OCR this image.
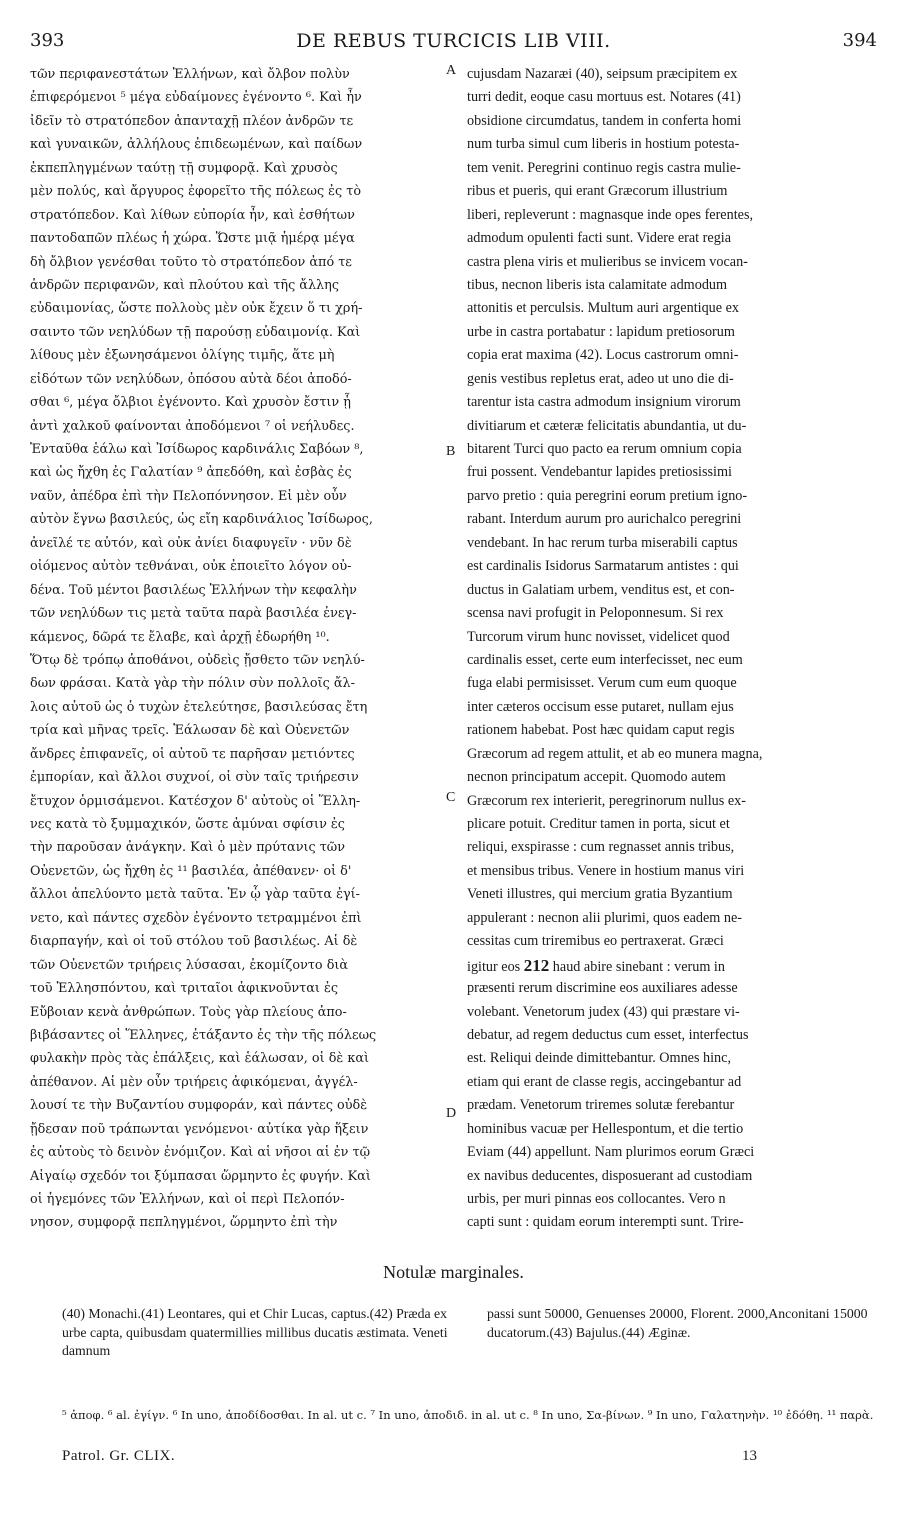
393	DE REBUS TURCICIS LIB VIII.	394
τῶν περιφανεστάτων Ἑλλήνων, καὶ ὄλβον πολὺν
ἐπιφερόμενοι ⁵ μέγα εὐδαίμονες ἐγένοντο ⁶. Καὶ ἦν
ἰδεῖν τὸ στρατόπεδον ἁπανταχῇ πλέον ἀνδρῶν τε
καὶ γυναικῶν, ἀλλήλους ἐπιδεωμένων, καὶ παίδων
ἐκπεπληγμένων ταύτῃ τῇ συμφορᾷ. Καὶ χρυσὸς
μὲν πολύς, καὶ ἄργυρος ἐφορεῖτο τῆς πόλεως ἐς τὸ
στρατόπεδον. Καὶ λίθων εὐπορία ἦν, καὶ ἐσθήτων
παντοδαπῶν πλέως ἡ χώρα. Ὥστε μιᾷ ἡμέρᾳ μέγα
δὴ ὄλβιον γενέσθαι τοῦτο τὸ στρατόπεδον ἀπό τε
ἀνδρῶν περιφανῶν, καὶ πλούτου καὶ τῆς ἄλλης
εὐδαιμονίας, ὥστε πολλοὺς μὲν οὐκ ἔχειν ὅ τι χρή-
σαιντο τῶν νεηλύδων τῇ παρούσῃ εὐδαιμονίᾳ. Καὶ
λίθους μὲν ἐξωνησάμενοι ὀλίγης τιμῆς, ἅτε μὴ
εἰδότων τῶν νεηλύδων, ὁπόσου αὐτὰ δέοι ἀποδό-
σθαι ⁶, μέγα ὄλβιοι ἐγένοντο. Καὶ χρυσὸν ἔστιν ᾗ
ἀντὶ χαλκοῦ φαίνονται ἀποδόμενοι ⁷ οἱ νεήλυδες.
Ἐνταῦθα ἑάλω καὶ Ἰσίδωρος καρδινάλις Σαβόων ⁸,
καὶ ὡς ἤχθη ἐς Γαλατίαν ⁹ ἀπεδόθη, καὶ ἐσβὰς ἐς
ναῦν, ἀπέδρα ἐπὶ τὴν Πελοπόννησον. Εἰ μὲν οὖν
αὐτὸν ἔγνω βασιλεύς, ὡς εἴη καρδινάλιος Ἰσίδωρος,
ἀνεῖλέ τε αὐτόν, καὶ οὐκ ἀνίει διαφυγεῖν · νῦν δὲ
οἰόμενος αὐτὸν τεθνάναι, οὐκ ἐποιεῖτο λόγον οὐ-
δένα. Τοῦ μέντοι βασιλέως Ἑλλήνων τὴν κεφαλὴν
τῶν νεηλύδων τις μετὰ ταῦτα παρὰ βασιλέα ἐνεγ-
κάμενος, δῶρά τε ἔλαβε, καὶ ἀρχῇ ἐδωρήθη ¹⁰.
Ὅτῳ δὲ τρόπῳ ἀποθάνοι, οὐδεὶς ᾔσθετο τῶν νεηλύ-
δων φράσαι. Κατὰ γὰρ τὴν πόλιν σὺν πολλοῖς ἄλ-
λοις αὐτοῦ ὡς ὁ τυχὼν ἐτελεύτησε, βασιλεύσας ἔτη
τρία καὶ μῆνας τρεῖς. Ἑάλωσαν δὲ καὶ Οὐενετῶν
ἄνδρες ἐπιφανεῖς, οἱ αὐτοῦ τε παρῆσαν μετιόντες
ἐμπορίαν, καὶ ἄλλοι συχνοί, οἱ σὺν ταῖς τριήρεσιν
ἔτυχον ὁρμισάμενοι. Κατέσχον δ' αὐτοὺς οἱ Ἕλλη-
νες κατὰ τὸ ξυμμαχικόν, ὥστε ἀμύναι σφίσιν ἐς
τὴν παροῦσαν ἀνάγκην. Καὶ ὁ μὲν πρύτανις τῶν
Οὐενετῶν, ὡς ἤχθη ἐς ¹¹ βασιλέα, ἀπέθανεν· οἱ δ'
ἄλλοι ἀπελύοντο μετὰ ταῦτα. Ἐν ᾧ γὰρ ταῦτα ἐγί-
νετο, καὶ πάντες σχεδὸν ἐγένοντο τετραμμένοι ἐπὶ
διαρπαγήν, καὶ οἱ τοῦ στόλου τοῦ βασιλέως. Αἱ δὲ
τῶν Οὐενετῶν τριήρεις λύσασαι, ἐκομίζοντο διὰ
τοῦ Ἑλλησπόντου, καὶ τριταῖοι ἀφικνοῦνται ἐς
Εὔβοιαν κενὰ ἀνθρώπων. Τοὺς γὰρ πλείους ἀπο-
βιβάσαντες οἱ Ἕλληνες, ἐτάξαντο ἐς τὴν τῆς πόλεως
φυλακὴν πρὸς τὰς ἐπάλξεις, καὶ ἑάλωσαν, οἱ δὲ καὶ
ἀπέθανον. Αἱ μὲν οὖν τριήρεις ἀφικόμεναι, ἀγγέλ-
λουσί τε τὴν Βυζαντίου συμφοράν, καὶ πάντες οὐδὲ
ᾔδεσαν ποῦ τράπωνται γενόμενοι· αὐτίκα γὰρ ἥξειν
ἐς αὐτοὺς τὸ δεινὸν ἐνόμιζον. Καὶ αἱ νῆσοι αἱ ἐν τῷ
Αἰγαίῳ σχεδόν τοι ξύμπασαι ὥρμηντο ἐς φυγήν. Καὶ
οἱ ἡγεμόνες τῶν Ἑλλήνων, καὶ οἱ περὶ Πελοπόν-
νησον, συμφορᾷ πεπληγμένοι, ὥρμηντο ἐπὶ τὴν
cujusdam Nazaræi (40), seipsum præcipitem ex
turri dedit, eoque casu mortuus est. Notares (41)
obsidione circumdatus, tandem in conferta homi
num turba simul cum liberis in hostium potesta-
tem venit. Peregrini continuo regis castra mulie-
ribus et pueris, qui erant Græcorum illustrium
liberi, repleverunt : magnasque inde opes ferentes,
admodum opulenti facti sunt. Videre erat regia
castra plena viris et mulieribus se invicem vocan-
tibus, necnon liberis ista calamitate admodum
attonitis et perculsis. Multum auri argentique ex
urbe in castra portabatur : lapidum pretiosorum
copia erat maxima (42). Locus castrorum omni-
genis vestibus repletus erat, adeo ut uno die di-
tarentur ista castra admodum insignium virorum
divitiarum et cæteræ felicitatis abundantia, ut du-
bitarent Turci quo pacto ea rerum omnium copia
frui possent. Vendebantur lapides pretiosissimi
parvo pretio : quia peregrini eorum pretium igno-
rabant. Interdum aurum pro aurichalco peregrini
vendebant. In hac rerum turba miserabili captus
est cardinalis Isidorus Sarmatarum antistes : qui
ductus in Galatiam urbem, venditus est, et con-
scensa navi profugit in Peloponnesum. Si rex
Turcorum virum hunc novisset, videlicet quod
cardinalis esset, certe eum interfecisset, nec eum
fuga elabi permisisset. Verum cum eum quoque
inter cæteros occisum esse putaret, nullam ejus
rationem habebat. Post hæc quidam caput regis
Græcorum ad regem attulit, et ab eo munera magna,
necnon principatum accepit. Quomodo autem
Græcorum rex interierit, peregrinorum nullus ex-
plicare potuit. Creditur tamen in porta, sicut et
reliqui, exspirasse : cum regnasset annis tribus,
et mensibus tribus. Venere in hostium manus viri
Veneti illustres, qui mercium gratia Byzantium
appulerant : necnon alii plurimi, quos eadem ne-
cessitas cum triremibus eo pertraxerat. Græci
igitur eos 212 haud abire sinebant : verum in
præsenti rerum discrimine eos auxiliares adesse
volebant. Venetorum judex (43) qui præstare vi-
debatur, ad regem deductus cum esset, interfectus
est. Reliqui deinde dimittebantur. Omnes hinc,
etiam qui erant de classe regis, accingebantur ad
prædam. Venetorum triremes solutæ ferebantur
hominibus vacuæ per Hellespontum, et die tertio
Eviam (44) appellunt. Nam plurimos eorum Græci
ex navibus deducentes, disposuerant ad custodiam
urbis, per muri pinnas eos collocantes. Vero n
capti sunt : quidam eorum interempti sunt. Trire-
A
B
C
D
Notulæ marginales.
(40) Monachi.(41) Leontares, qui et Chir Lucas, captus.(42) Præda ex urbe capta, quibusdam quatermillies millibus ducatis æstimata. Veneti damnum
passi sunt 50000, Genuenses 20000, Florent. 2000,Anconitani 15000 ducatorum.(43) Bajulus.(44) Æginæ.
⁵ ἀποφ. ⁶ al. ἐγίγν. ⁶ In uno, ἀποδίδοσθαι. In al. ut c. ⁷ In uno, ἀποδιδ. in al. ut c. ⁸ In uno, Σα-βίνων. ⁹ In uno, Γαλατηνὴν. ¹⁰ ἐδόθη. ¹¹ παρὰ.
Patrol. Gr. CLIX.	13
